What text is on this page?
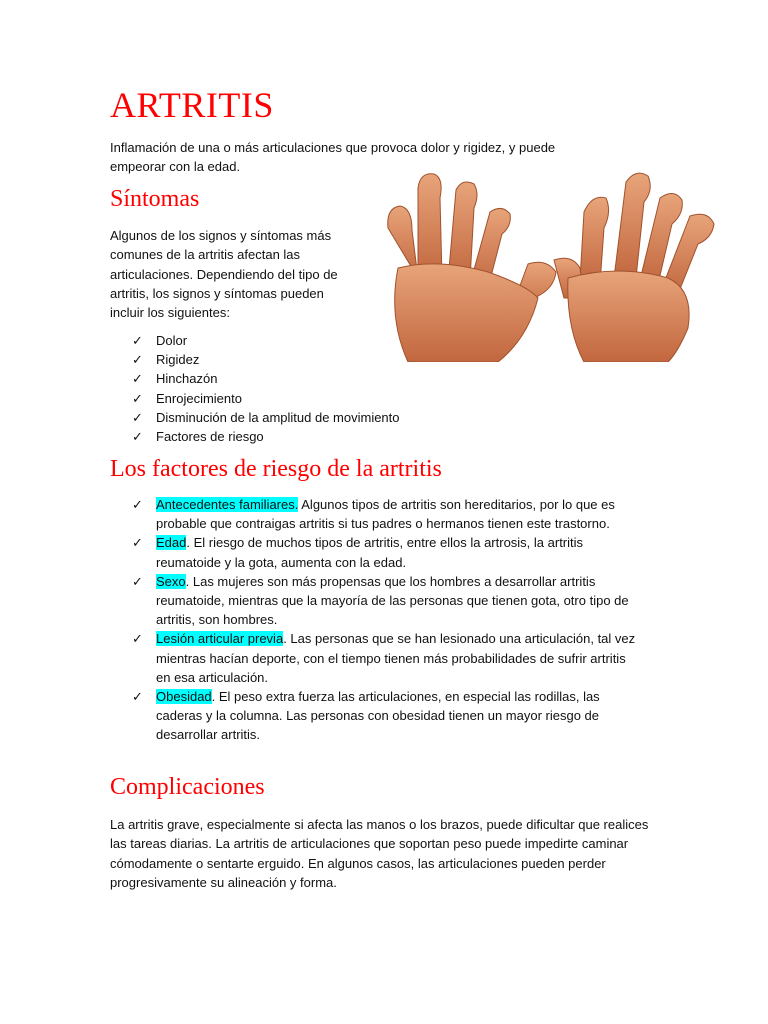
ARTRITIS
Inflamación de una o más articulaciones que provoca dolor y rigidez, y puede empeorar con la edad.
Síntomas
Algunos de los signos y síntomas más comunes de la artritis afectan las articulaciones. Dependiendo del tipo de artritis, los signos y síntomas pueden incluir los siguientes:
✓ Dolor
✓ Rigidez
✓ Hinchazón
✓ Enrojecimiento
✓ Disminución de la amplitud de movimiento
✓ Factores de riesgo
Los factores de riesgo de la artritis
✓ Antecedentes familiares. Algunos tipos de artritis son hereditarios, por lo que es probable que contraigas artritis si tus padres o hermanos tienen este trastorno.
✓ Edad. El riesgo de muchos tipos de artritis, entre ellos la artrosis, la artritis reumatoide y la gota, aumenta con la edad.
✓ Sexo. Las mujeres son más propensas que los hombres a desarrollar artritis reumatoide, mientras que la mayoría de las personas que tienen gota, otro tipo de artritis, son hombres.
✓ Lesión articular previa. Las personas que se han lesionado una articulación, tal vez mientras hacían deporte, con el tiempo tienen más probabilidades de sufrir artritis en esa articulación.
✓ Obesidad. El peso extra fuerza las articulaciones, en especial las rodillas, las caderas y la columna. Las personas con obesidad tienen un mayor riesgo de desarrollar artritis.
Complicaciones
La artritis grave, especialmente si afecta las manos o los brazos, puede dificultar que realices las tareas diarias. La artritis de articulaciones que soportan peso puede impedirte caminar cómodamente o sentarte erguido. En algunos casos, las articulaciones pueden perder progresivamente su alineación y forma.
